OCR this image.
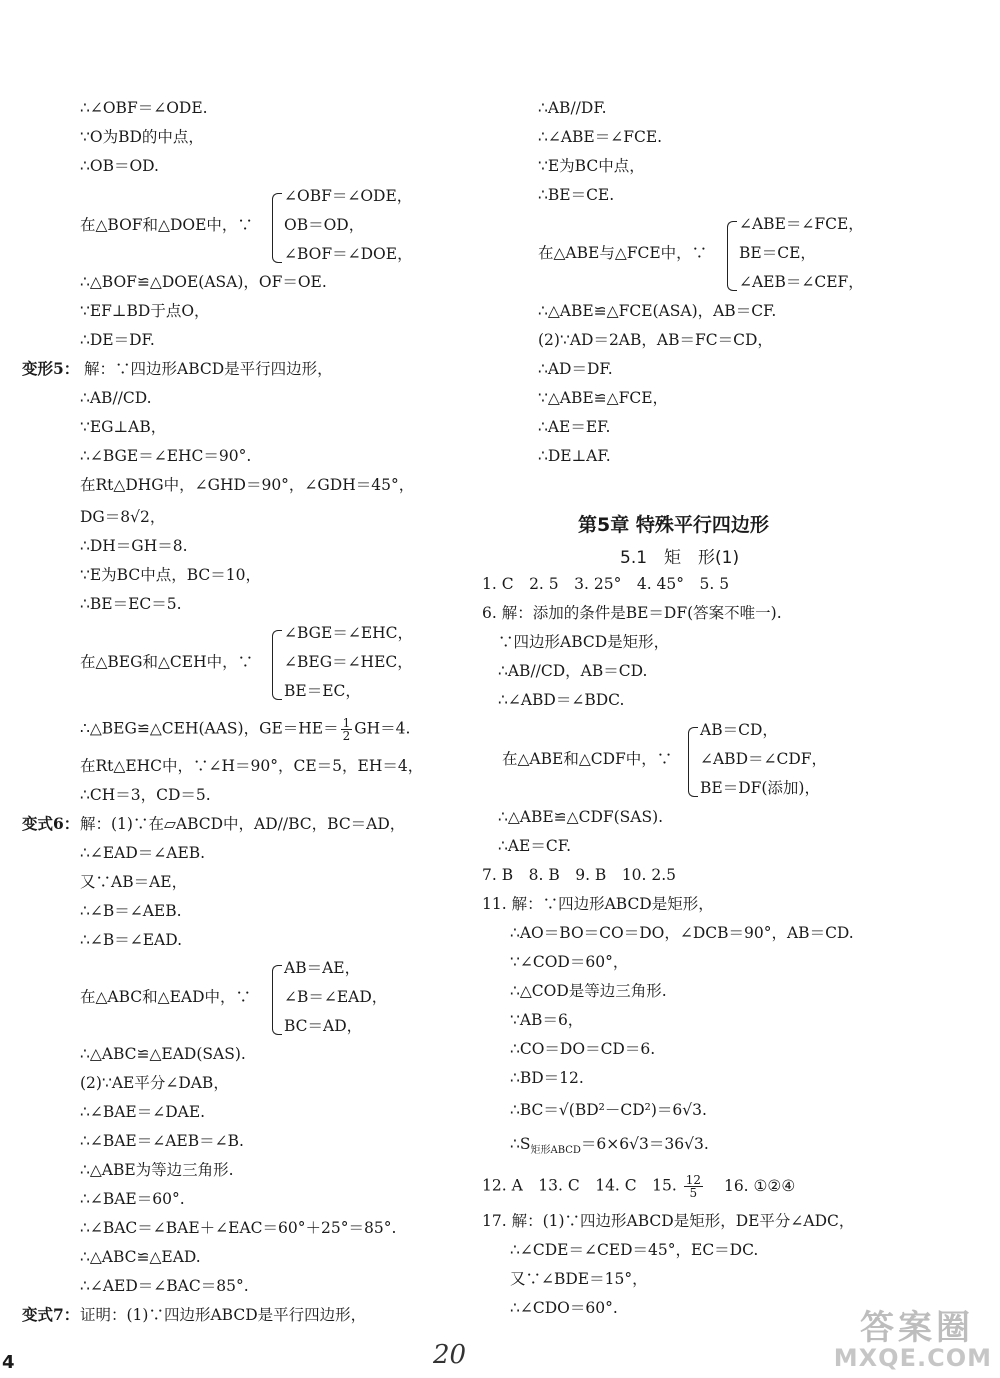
∴∠OBF＝∠ODE.
∵O为BD的中点，
∴OB＝OD.
在△BOF和△DOE中，∵
∠OBF＝∠ODE，
OB＝OD，
∠BOF＝∠DOE，
∴△BOF≌△DOE(ASA)，OF＝OE.
∵EF⊥BD于点O，
∴DE＝DF.
变形5： 解：∵四边形ABCD是平行四边形，
∴AB//CD.
∵EG⊥AB，
∴∠BGE＝∠EHC＝90°.
在Rt△DHG中，∠GHD＝90°，∠GDH＝45°，
DG＝8√2，
∴DH＝GH＝8.
∵E为BC中点，BC＝10，
∴BE＝EC＝5.
在△BEG和△CEH中，∵
∠BGE＝∠EHC，
∠BEG＝∠HEC，
BE＝EC，
∴△BEG≌△CEH(AAS)，$GE=HE= \frac{1}{2} GH=4$.
在Rt△EHC中，∵∠H＝90°，CE＝5，EH＝4，
∴CH＝3，CD＝5.
变式6： 解：(1)∵在▱ABCD中，AD//BC，BC＝AD，
∴∠EAD＝∠AEB.
又∵AB＝AE，
∴∠B＝∠AEB.
∴∠B＝∠EAD.
在△ABC和△EAD中，∵
AB＝AE，
∠B＝∠EAD，
BC＝AD，
∴△ABC≌△EAD(SAS).
(2)∵AE平分∠DAB，
∴∠BAE＝∠DAE.
∴∠BAE＝∠AEB＝∠B.
∴△ABE为等边三角形.
∴∠BAE＝60°.
∴∠BAC＝∠BAE＋∠EAC＝60°＋25°＝85°.
∴△ABC≌△EAD.
∴∠AED＝∠BAC＝85°.
变式7： 证明：(1)∵四边形ABCD是平行四边形，
∴AB//DF.
∴∠ABE＝∠FCE.
∵E为BC中点，
∴BE＝CE.
在△ABE与△FCE中，∵
∠ABE＝∠FCE，
BE＝CE，
∠AEB＝∠CEF，
∴△ABE≌△FCE(ASA)，AB＝CF.
(2)∵AD＝2AB，AB＝FC＝CD，
∴AD＝DF.
∵△ABE≌△FCE，
∴AE＝EF.
∴DE⊥AF.
第5章 特殊平行四边形
5.1　矩　形(1)
1. C　2. 5　3. 25°　4. 45°　5. 5
6. 解：添加的条件是BE＝DF(答案不唯一).
∵四边形ABCD是矩形，
∴AB//CD，AB＝CD.
∴∠ABD＝∠BDC.
在△ABE和△CDF中，∵
AB＝CD，
∠ABD＝∠CDF，
BE＝DF(添加)，
∴△ABE≌△CDF(SAS).
∴AE＝CF.
7. B　8. B　9. B　10. 2.5
11. 解：∵四边形ABCD是矩形，
∴AO＝BO＝CO＝DO，∠DCB＝90°，AB＝CD.
∵∠COD＝60°，
∴△COD是等边三角形.
∵AB＝6，
∴CO＝DO＝CD＝6.
∴BD＝12.
∴BC＝√(BD²－CD²)＝6√3.
$\therefore S_{矩形ABCD}=6\times 6√3=36√3$.
12. A　13. C　14. C　15. $\frac{12}{5} 16$. ①②④
17. 解：(1)∵四边形ABCD是矩形，DE平分∠ADC，
∴∠CDE＝∠CED＝45°，EC＝DC.
又∵∠BDE＝15°，
∴∠CDO＝60°.
4	20
答案圈
MXQE.COM
